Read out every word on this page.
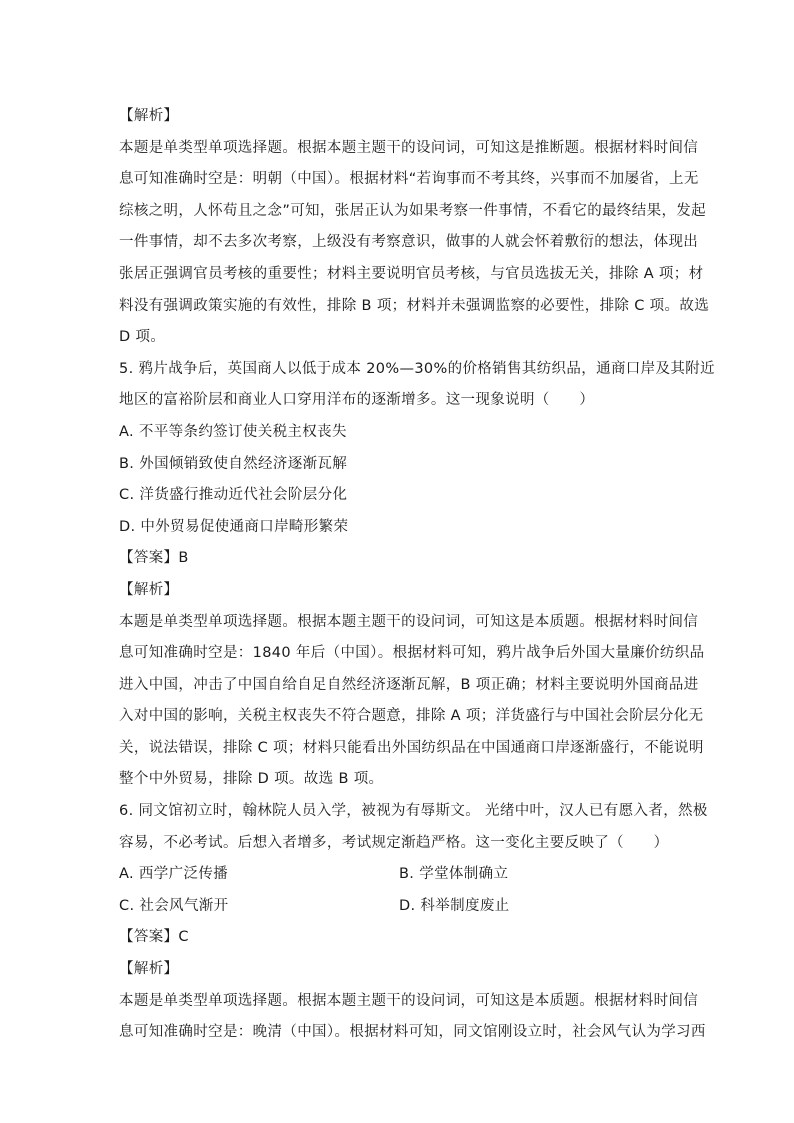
【解析】
本题是单类型单项选择题。根据本题主题干的设问词，可知这是推断题。根据材料时间信
息可知准确时空是：明朝（中国）。根据材料“若询事而不考其终，兴事而不加屡省，上无
综核之明，人怀苟且之念”可知，张居正认为如果考察一件事情，不看它的最终结果，发起
一件事情，却不去多次考察，上级没有考察意识，做事的人就会怀着敷衍的想法，体现出
张居正强调官员考核的重要性；材料主要说明官员考核，与官员选拔无关，排除 A 项；材
料没有强调政策实施的有效性，排除 B 项；材料并未强调监察的必要性，排除 C 项。故选
D 项。
5. 鸦片战争后，英国商人以低于成本 20%—30%的价格销售其纺织品，通商口岸及其附近
地区的富裕阶层和商业人口穿用洋布的逐渐增多。这一现象说明（　　）
A. 不平等条约签订使关税主权丧失
B. 外国倾销致使自然经济逐渐瓦解
C. 洋货盛行推动近代社会阶层分化
D. 中外贸易促使通商口岸畸形繁荣
【答案】B
【解析】
本题是单类型单项选择题。根据本题主题干的设问词，可知这是本质题。根据材料时间信
息可知准确时空是：1840 年后（中国）。根据材料可知，鸦片战争后外国大量廉价纺织品
进入中国，冲击了中国自给自足自然经济逐渐瓦解，B 项正确；材料主要说明外国商品进
入对中国的影响，关税主权丧失不符合题意，排除 A 项；洋货盛行与中国社会阶层分化无
关，说法错误，排除 C 项；材料只能看出外国纺织品在中国通商口岸逐渐盛行，不能说明
整个中外贸易，排除 D 项。故选 B 项。
6. 同文馆初立时，翰林院人员入学，被视为有辱斯文。 光绪中叶，汉人已有愿入者，然极
容易，不必考试。后想入者增多，考试规定渐趋严格。这一变化主要反映了（　　）
A. 西学广泛传播	B. 学堂体制确立
C. 社会风气渐开	D. 科举制度废止
【答案】C
【解析】
本题是单类型单项选择题。根据本题主题干的设问词，可知这是本质题。根据材料时间信
息可知准确时空是：晚清（中国）。根据材料可知，同文馆刚设立时，社会风气认为学习西
